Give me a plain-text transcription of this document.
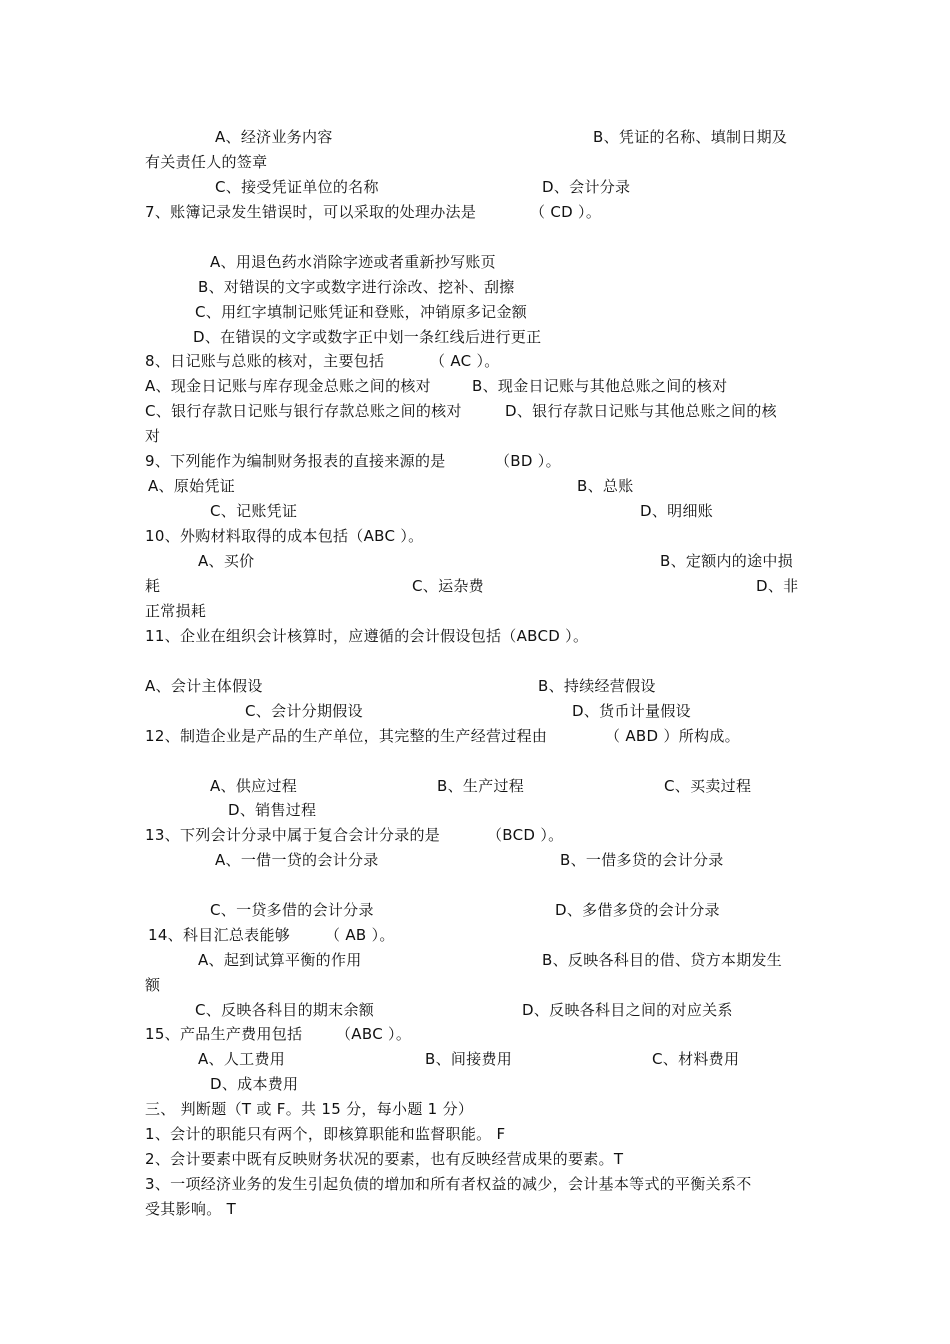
A、经济业务内容	B、凭证的名称、填制日期及
有关责任人的签章
C、接受凭证单位的名称	D、会计分录
7、账簿记录发生错误时，可以采取的处理办法是	（ CD ）。
A、用退色药水消除字迹或者重新抄写账页
B、对错误的文字或数字进行涂改、挖补、刮擦
C、用红字填制记账凭证和登账，冲销原多记金额
D、在错误的文字或数字正中划一条红线后进行更正
8、日记账与总账的核对，主要包括	（ AC ）。
A、现金日记账与库存现金总账之间的核对	B、现金日记账与其他总账之间的核对
C、银行存款日记账与银行存款总账之间的核对	D、银行存款日记账与其他总账之间的核
对
9、下列能作为编制财务报表的直接来源的是	（BD ）。
A、原始凭证	B、总账
C、记账凭证	D、明细账
10、外购材料取得的成本包括（ABC ）。
A、买价	B、定额内的途中损
耗	C、运杂费	D、非
正常损耗
11、企业在组织会计核算时，应遵循的会计假设包括（ABCD ）。
A、会计主体假设	B、持续经营假设
C、会计分期假设	D、货币计量假设
12、制造企业是产品的生产单位，其完整的生产经营过程由	（ ABD ）所构成。
A、供应过程	B、生产过程	C、买卖过程
D、销售过程
13、下列会计分录中属于复合会计分录的是	（BCD ）。
A、一借一贷的会计分录	B、一借多贷的会计分录
C、一贷多借的会计分录	D、多借多贷的会计分录
14、科目汇总表能够 （ AB ）。
A、起到试算平衡的作用	B、反映各科目的借、贷方本期发生
额
C、反映各科目的期末余额	D、反映各科目之间的对应关系
15、产品生产费用包括 （ABC ）。
A、人工费用	B、间接费用	C、材料费用
D、成本费用
三、 判断题（T 或 F。共 15 分，每小题 1 分）
1、会计的职能只有两个，即核算职能和监督职能。 F
2、会计要素中既有反映财务状况的要素，也有反映经营成果的要素。T
3、一项经济业务的发生引起负债的增加和所有者权益的减少，会计基本等式的平衡关系不
受其影响。 T
